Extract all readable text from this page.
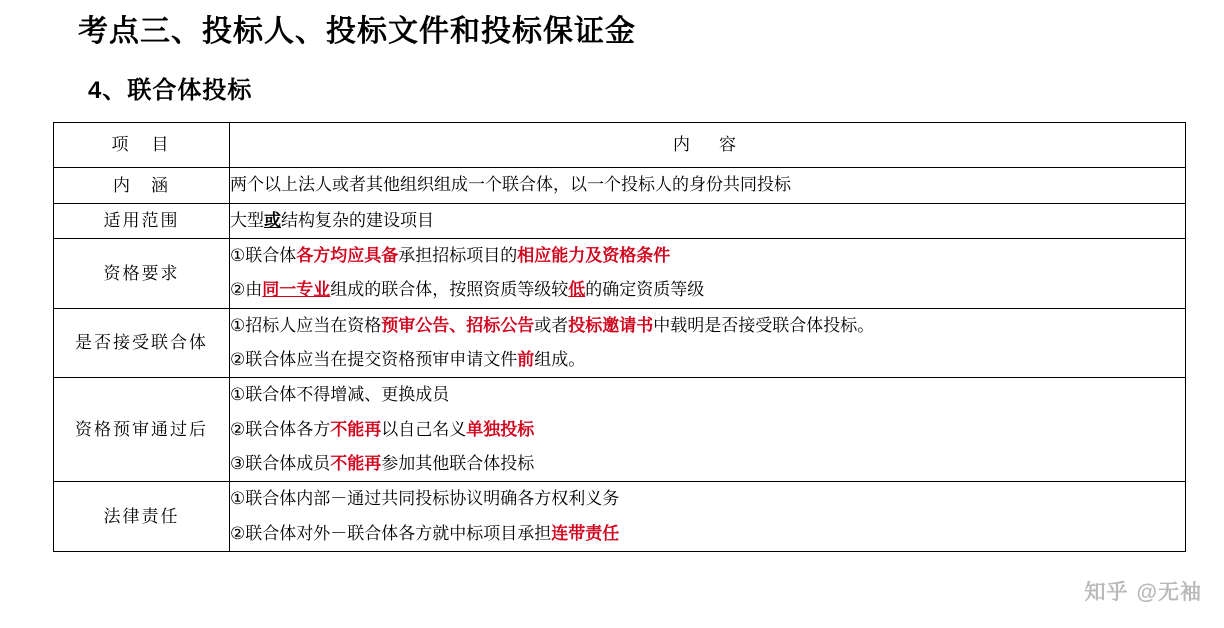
考点三、投标人、投标文件和投标保证金
4、联合体投标
项　目	内　容
内　涵	两个以上法人或者其他组织组成一个联合体，以一个投标人的身份共同投标

适用范围	大型或结构复杂的建设项目

资格要求	①联合体各方均应具备承担招标项目的相应能力及资格条件
②由同一专业组成的联合体，按照资质等级较低的确定资质等级

是否接受联合体	①招标人应当在资格预审公告、招标公告或者投标邀请书中载明是否接受联合体投标。
②联合体应当在提交资格预审申请文件前组成。

资格预审通过后	①联合体不得增减、更换成员
②联合体各方不能再以自己名义单独投标
③联合体成员不能再参加其他联合体投标

法律责任	①联合体内部－通过共同投标协议明确各方权利义务
②联合体对外－联合体各方就中标项目承担连带责任
知乎 @无袖
